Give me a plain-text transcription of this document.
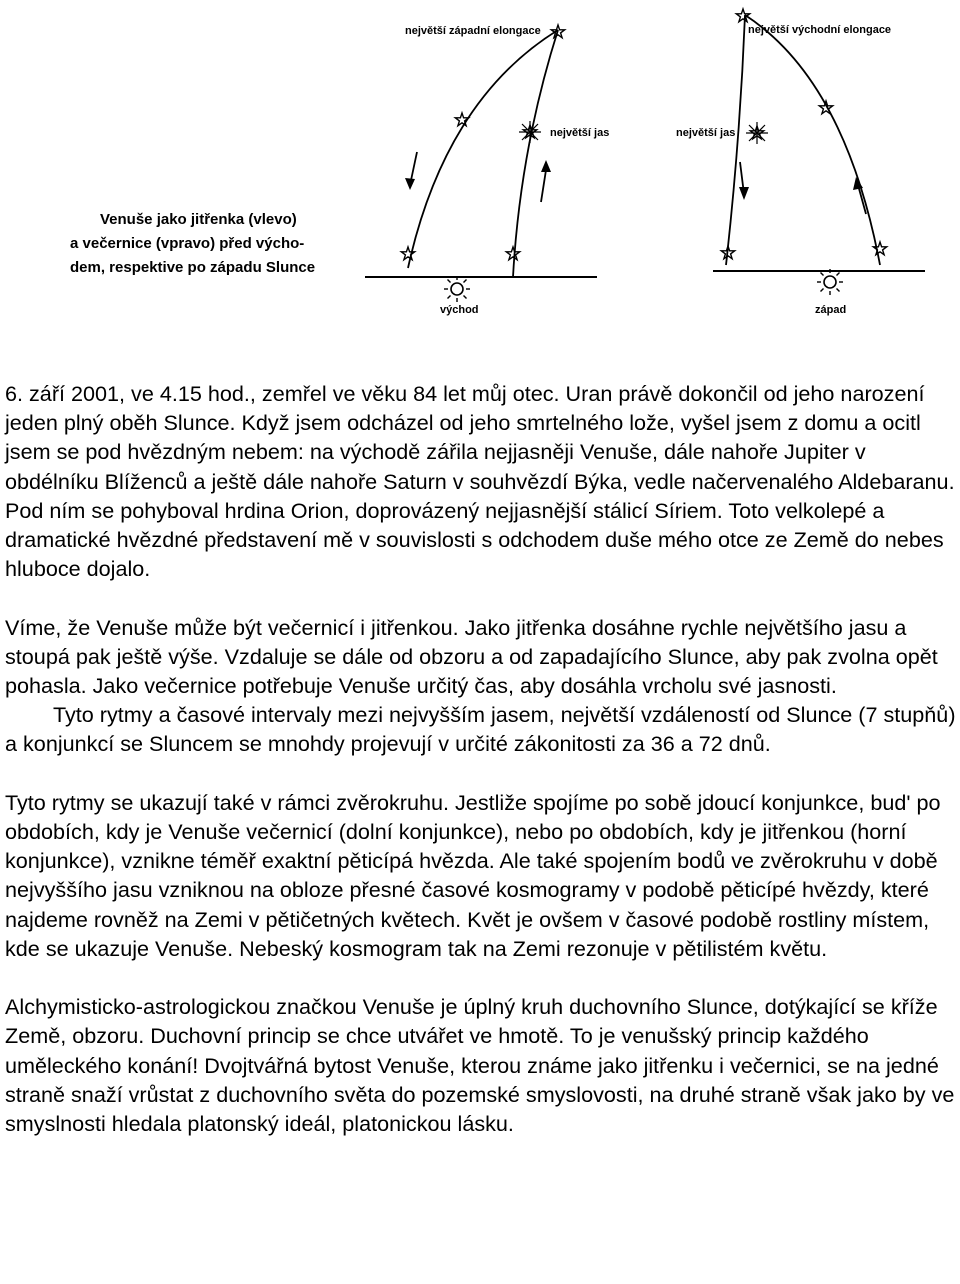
Venuše jako jitřenka (vlevo)
a večernice (vpravo) před výcho-
dem, respektive po západu Slunce
největší západní elongace
největší jas
východ
největší východní elongace
největší jas
západ

6. září 2001, ve 4.15 hod., zemřel ve věku 84 let můj otec. Uran právě dokončil od jeho narození jeden plný oběh Slunce. Když jsem odcházel od jeho smrtelného lože, vyšel jsem z domu a ocitl jsem se pod hvězdným nebem: na východě zářila nejjasněji Venuše, dále nahoře Jupiter v obdélníku Blíženců a ještě dále nahoře Saturn v souhvězdí Býka, vedle načervenalého Aldebaranu. Pod ním se pohyboval hrdina Orion, doprovázený nejjasnější stálicí Síriem. Toto velkolepé a dramatické hvězdné představení mě v souvislosti s odchodem duše mého otce ze Země do nebes hluboce dojalo.

Víme, že Venuše může být večernicí i jitřenkou. Jako jitřenka dosáhne rychle největšího jasu a stoupá pak ještě výše. Vzdaluje se dále od obzoru a od zapadajícího Slunce, aby pak zvolna opět pohasla. Jako večernice potřebuje Venuše určitý čas, aby dosáhla vrcholu své jasnosti.

Tyto rytmy a časové intervaly mezi nejvyšším jasem, největší vzdáleností od Slunce (7 stupňů) a konjunkcí se Sluncem se mnohdy projevují v určité zákonitosti za 36 a 72 dnů.

Tyto rytmy se ukazují také v rámci zvěrokruhu. Jestliže spojíme po sobě jdoucí konjunkce, bud' po obdobích, kdy je Venuše večernicí (dolní konjunkce), nebo po obdobích, kdy je jitřenkou (horní konjunkce), vznikne téměř exaktní pěticípá hvězda. Ale také spojením bodů ve zvěrokruhu v době nejvyššího jasu vzniknou na obloze přesné časové kosmogramy v podobě pěticípé hvězdy, které najdeme rovněž na Zemi v pětičetných květech. Květ je ovšem v časové podobě rostliny místem, kde se ukazuje Venuše. Nebeský kosmogram tak na Zemi rezonuje v pětilistém květu.

Alchymisticko-astrologickou značkou Venuše je úplný kruh duchovního Slunce, dotýkající se kříže Země, obzoru. Duchovní princip se chce utvářet ve hmotě. To je venušský princip každého uměleckého konání! Dvojtvářná bytost Venuše, kterou známe jako jitřenku i večernici, se na jedné straně snaží vrůstat z duchovního světa do pozemské smyslovosti, na druhé straně však jako by ve smyslnosti hledala platonský ideál, platonickou lásku.
